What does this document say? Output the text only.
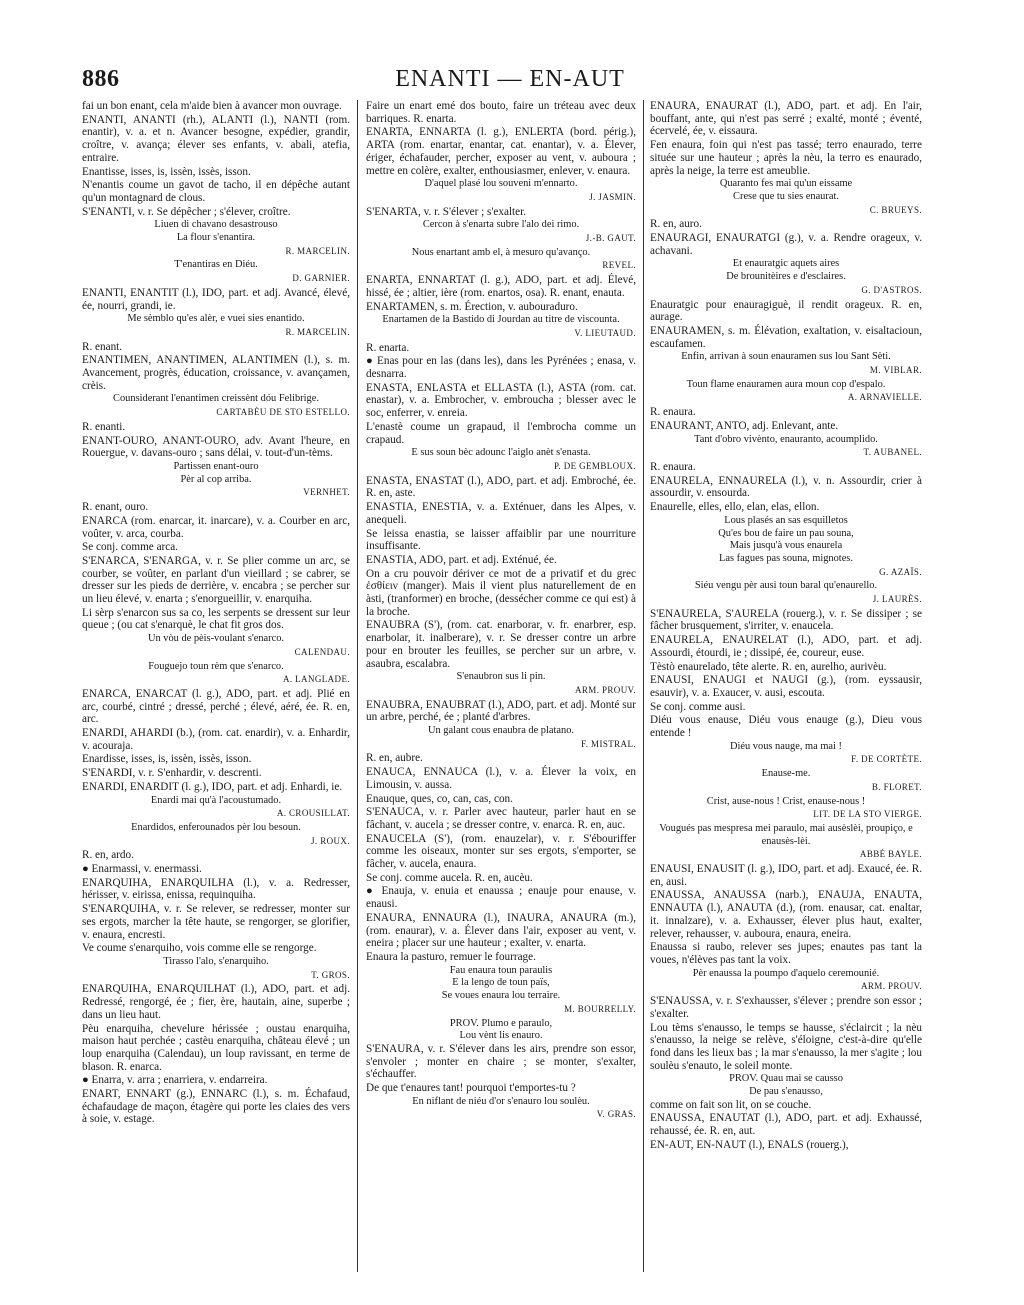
886	ENANTI — EN-AUT

fai un bon enant, cela m'aide bien à avancer mon ouvrage.

ENANTI, ANANTI (rh.), ALANTI (l.), NANTI (rom. enantir), v. a. et n. Avancer besogne, expédier, grandir, croître, v. avança; élever ses enfants, v. abali, atefia, entraire.

Enantisse, isses, is, issèn, issès, isson.

N'enantis coume un gavot de tacho, il en dépêche autant qu'un montagnard de clous.

S'ENANTI, v. r. Se dépêcher ; s'élever, croître.

Liuen di chavano desastrouso

La flour s'enantira.

R. MARCELIN.

T'enantiras en Diéu.

D. GARNIER.

ENANTI, ENANTIT (l.), IDO, part. et adj. Avancé, élevé, ée, nourri, grandi, ie.

Me sèmblo qu'es alèr, e vuei sies enantido.

R. MARCELIN.

R. enant.

ENANTIMEN, ANANTIMEN, ALANTIMEN (l.), s. m. Avancement, progrès, éducation, croissance, v. avançamen, crèis.

Counsiderant l'enantimen creissènt dóu Felibrige.

CARTABÈU DE STO ESTELLO.

R. enanti.

ENANT-OURO, ANANT-OURO, adv. Avant l'heure, en Rouergue, v. davans-ouro ; sans délai, v. tout-d'un-tèms.

Partissen enant-ouro

Pèr al cop arriba.

VERNHET.

R. enant, ouro.

ENARCA (rom. enarcar, it. inarcare), v. a. Courber en arc, voûter, v. arca, courba.

Se conj. comme arca.

S'ENARCA, S'ENARGA, v. r. Se plier comme un arc, se courber, se voûter, en parlant d'un vieillard ; se cabrer, se dresser sur les pieds de derrière, v. encabra ; se percher sur un lieu élevé, v. enarta ; s'enorgueillir, v. enarquiha.

Li sèrp s'enarcon sus sa co, les serpents se dressent sur leur queue ; (ou cat s'enarquè, le chat fit gros dos.

Un vòu de pèis-voulant s'enarco.

CALENDAU.

Fouguejo toun rèm que s'enarco.

A. LANGLADE.

ENARCA, ENARCAT (l. g.), ADO, part. et adj. Plié en arc, courbé, cintré ; dressé, perché ; élevé, aéré, ée. R. en, arc.

ENARDI, AHARDI (b.), (rom. cat. enardir), v. a. Enhardir, v. acouraja.

Enardisse, isses, is, issèn, issès, isson.

S'ENARDI, v. r. S'enhardir, v. descrenti.

ENARDI, ENARDIT (l. g.), IDO, part. et adj. Enhardi, ie.

Enardi mai qu'à l'acoustumado.

A. CROUSILLAT.

Enardidos, enferounados pèr lou besoun.

J. ROUX.

R. en, ardo.

● Enarmassi, v. enermassi.

ENARQUIHA, ENARQUILHA (l.), v. a. Redresser, hérisser, v. eirissa, enissa, requinquiha.

S'ENARQUIHA, v. r. Se relever, se redresser, monter sur ses ergots, marcher la tête haute, se rengorger, se glorifier, v. enaura, encresti.

Ve coume s'enarquiho, vois comme elle se rengorge.

Tirasso l'alo, s'enarquiho.

T. GROS.

ENARQUIHA, ENARQUILHAT (l.), ADO, part. et adj. Redressé, rengorgé, ée ; fier, ère, hautain, aine, superbe ; dans un lieu haut.

Pèu enarquiha, chevelure hérissée ; oustau enarquiha, maison haut perchée ; castèu enarquiha, château élevé ; un loup enarquiha (Calendau), un loup ravissant, en terme de blason. R. enarca.

● Enarra, v. arra ; enarriera, v. endarreira.

ENART, ENNART (g.), ENNARC (l.), s. m. Échafaud, échafaudage de maçon, étagère qui porte les claies des vers à soie, v. estage.

Faire un enart emé dos bouto, faire un tréteau avec deux barriques. R. enarta.

ENARTA, ENNARTA (l. g.), ENLERTA (bord. périg.), ARTA (rom. enartar, enantar, cat. enantar), v. a. Élever, ériger, échafauder, percher, exposer au vent, v. auboura ; mettre en colère, exalter, enthousiasmer, enlever, v. enaura.

D'aquel plasé lou souveni m'ennarto.

J. JASMIN.

S'ENARTA, v. r. S'élever ; s'exalter.

Cercon à s'enarta subre l'alo dei rimo.

J.-B. GAUT.

Nous enartant amb el, à mesuro qu'avanço.

REVEL.

ENARTA, ENNARTAT (l. g.), ADO, part. et adj. Élevé, hissé, ée ; altier, ière (rom. enartos, osa). R. enant, enauta.

ENARTAMEN, s. m. Érection, v. aubouraduro.

Enartamen de la Bastido di Jourdan au titre de viscounta.

V. LIEUTAUD.

R. enarta.

● Enas pour en las (dans les), dans les Pyrénées ; enasa, v. desnarra.

ENASTA, ENLASTA et ELLASTA (l.), ASTA (rom. cat. enastar), v. a. Embrocher, v. embroucha ; blesser avec le soc, enferrer, v. enreia.

L'enastè coume un grapaud, il l'embrocha comme un crapaud.

E sus soun bèc adounc l'aiglo anèt s'enasta.

P. DE GEMBLOUX.

ENASTA, ENASTAT (l.), ADO, part. et adj. Embroché, ée. R. en, aste.

ENASTIA, ENESTIA, v. a. Exténuer, dans les Alpes, v. anequeli.

Se leissa enastia, se laisser affaiblir par une nourriture insuffisante.

ENASTIA, ADO, part. et adj. Exténué, ée.

On a cru pouvoir dériver ce mot de a privatif et du grec ἐσθίειν (manger). Mais il vient plus naturellement de en àsti, (tranformer) en broche, (dessécher comme ce qui est) à la broche.

ENAUBRA (S'), (rom. cat. enarborar, v. fr. enarbrer, esp. enarbolar, it. inalberare), v. r. Se dresser contre un arbre pour en brouter les feuilles, se percher sur un arbre, v. asaubra, escalabra.

S'enaubron sus li pin.

ARM. PROUV.

ENAUBRA, ENAUBRAT (l.), ADO, part. et adj. Monté sur un arbre, perché, ée ; planté d'arbres.

Un galant cous enaubra de platano.

F. MISTRAL.

R. en, aubre.

ENAUCA, ENNAUCA (l.), v. a. Élever la voix, en Limousin, v. aussa.

Enauque, ques, co, can, cas, con.

S'ENAUCA, v. r. Parler avec hauteur, parler haut en se fâchant, v. aucela ; se dresser contre, v. enarca. R. en, auc.

ENAUCELA (S'), (rom. enauzelar), v. r. S'ébouriffer comme les oiseaux, monter sur ses ergots, s'emporter, se fâcher, v. aucela, enaura.

Se conj. comme aucela. R. en, aucèu.

● Enauja, v. enuia et enaussa ; enauje pour enause, v. enausi.

ENAURA, ENNAURA (l.), INAURA, ANAURA (m.), (rom. enaurar), v. a. Élever dans l'air, exposer au vent, v. eneira ; placer sur une hauteur ; exalter, v. enarta.

Enaura la pasturo, remuer le fourrage.

Fau enaura toun paraulis

E la lengo de toun païs,

Se voues enaura lou terraire.

M. BOURRELLY.

PROV. Plumo e paraulo,

Lou vènt lis enauro.

S'ENAURA, v. r. S'élever dans les airs, prendre son essor, s'envoler ; monter en chaire ; se monter, s'exalter, s'échauffer.

De que t'enaures tant! pourquoi t'emportes-tu ?

En niflant de niéu d'or s'enauro lou soulèu.

V. GRAS.

ENAURA, ENAURAT (l.), ADO, part. et adj. En l'air, bouffant, ante, qui n'est pas serré ; exalté, monté ; éventé, écervelé, ée, v. eissaura.

Fen enaura, foin qui n'est pas tassé; terro enaurado, terre située sur une hauteur ; après la nèu, la terro es enaurado, après la neige, la terre est ameublie.

Quaranto fes mai qu'un eissame

Crese que tu sies enaurat.

C. BRUEYS.

R. en, auro.

ENAURAGI, ENAURATGI (g.), v. a. Rendre orageux, v. achavani.

Et enauratgic aquets aires

De brounitèires e d'esclaires.

G. D'ASTROS.

Enauratgic pour enauragiguè, il rendit orageux. R. en, aurage.

ENAURAMEN, s. m. Élévation, exaltation, v. eisaltacioun, escaufamen.

Enfin, arrivan à soun enauramen sus lou Sant Sèti.

M. VIBLAR.

Toun flame enauramen aura moun cop d'espalo.

A. ARNAVIELLE.

R. enaura.

ENAURANT, ANTO, adj. Enlevant, ante.

Tant d'obro vivènto, enauranto, acoumplido.

T. AUBANEL.

R. enaura.

ENAURELA, ENNAURELA (l.), v. n. Assourdir, crier à assourdir, v. ensourda.

Enaurelle, elles, ello, elan, elas, ellon.

Lous plasés an sas esquilletos

Qu'es bou de faire un pau souna,

Mais jusqu'à vous enaurela

Las fagues pas souna, mignotes.

G. AZAÏS.

Siéu vengu pèr ausi toun baral qu'enaurello.

J. LAURÈS.

S'ENAURELA, S'AURELA (rouerg.), v. r. Se dissiper ; se fâcher brusquement, s'irriter, v. enaucela.

ENAURELA, ENAURELAT (l.), ADO, part. et adj. Assourdi, étourdi, ie ; dissipé, ée, coureur, euse.

Tèstò enaurelado, tête alerte. R. en, aurelho, aurivèu.

ENAUSI, ENAUGI et NAUGI (g.), (rom. eyssausir, esauvir), v. a. Exaucer, v. ausi, escouta.

Se conj. comme ausi.

Diéu vous enause, Diéu vous enauge (g.), Dieu vous entende !

Diéu vous nauge, ma mai !

F. DE CORTÈTE.

Enause-me.

B. FLORET.

Crist, ause-nous ! Crist, enause-nous !

LIT. DE LA STO VIERGE.

Vougués pas mespresa mei paraulo, mai ausèslèi, proupiço, e enausès-lèi.

ABBÉ BAYLE.

ENAUSI, ENAUSIT (l. g.), IDO, part. et adj. Exaucé, ée. R. en, ausi.

ENAUSSA, ANAUSSA (narb.), ENAUJA, ENAUTA, ENNAUTA (l.), ANAUTA (d.), (rom. enausar, cat. enaltar, it. innalzare), v. a. Exhausser, élever plus haut, exalter, relever, rehausser, v. auboura, enaura, eneira.

Enaussa si raubo, relever ses jupes; enautes pas tant la voues, n'élèves pas tant la voix.

Pèr enaussa la poumpo d'aquelo ceremounié.

ARM. PROUV.

S'ENAUSSA, v. r. S'exhausser, s'élever ; prendre son essor ; s'exalter.

Lou tèms s'enausso, le temps se hausse, s'éclaircit ; la nèu s'enausso, la neige se relève, s'éloigne, c'est-à-dire qu'elle fond dans les lieux bas ; la mar s'enausso, la mer s'agite ; lou soulèu s'enauto, le soleil monte.

PROV. Quau mai se causso

De pau s'enausso,

comme on fait son lit, on se couche.

ENAUSSA, ENAUTAT (l.), ADO, part. et adj. Exhaussé, rehaussé, ée. R. en, aut.

EN-AUT, EN-NAUT (l.), ENALS (rouerg.),
